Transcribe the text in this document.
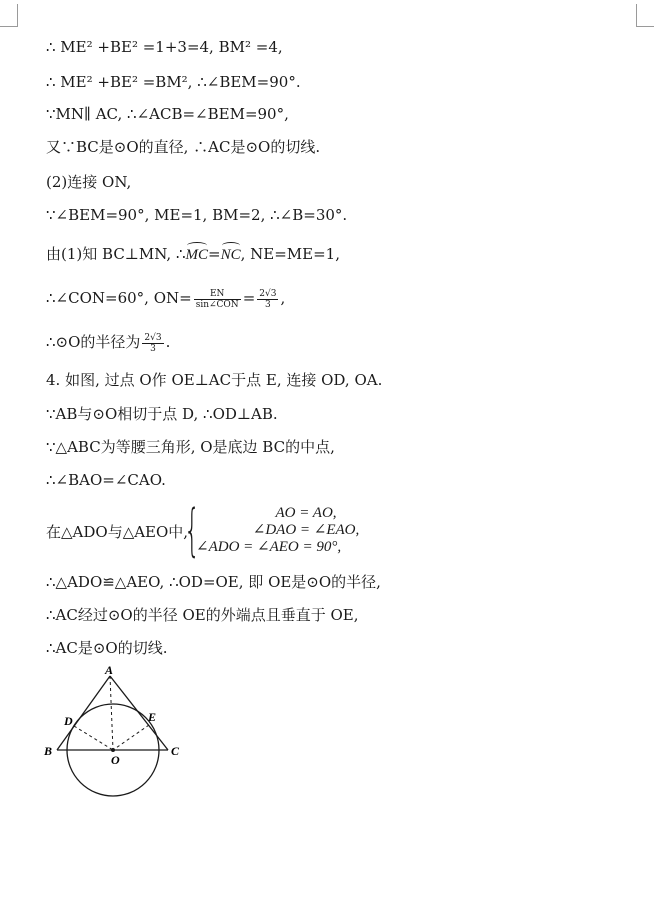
∴ ME² +BE² =1+3=4, BM² =4,
∴ ME² +BE² =BM², ∴∠BEM=90°.
∵MN∥ AC, ∴∠ACB=∠BEM=90°,
又∵BC是⊙O的直径, ∴AC是⊙O的切线.
(2)连接 ON,
∵∠BEM=90°, ME=1, BM=2, ∴∠B=30°.
由(1)知 BC⊥MN, ∴MC=NC, NE=ME=1,
∴∠CON=60°, $ON= \frac{EN}{\text{sin∠CON}} = \frac{2√3}{3}$ ,
∴⊙O的半径为 $\frac{2√3}{3}$ .
4. 如图, 过点 O作 OE⊥AC于点 E, 连接 OD, OA.
∵AB与⊙O相切于点 D, ∴OD⊥AB.
∵△ABC为等腰三角形, O是底边 BC的中点,
∴∠BAO=∠CAO.
在△ADO与△AEO中,
{	AO = AO,
∠DAO = ∠EAO,
∠ADO = ∠AEO = 90°,
∴△ADO≌△AEO, ∴OD=OE, 即 OE是⊙O的半径,
∴AC经过⊙O的半径 OE的外端点且垂直于 OE,
∴AC是⊙O的切线.
A
B	C
D	E
O
